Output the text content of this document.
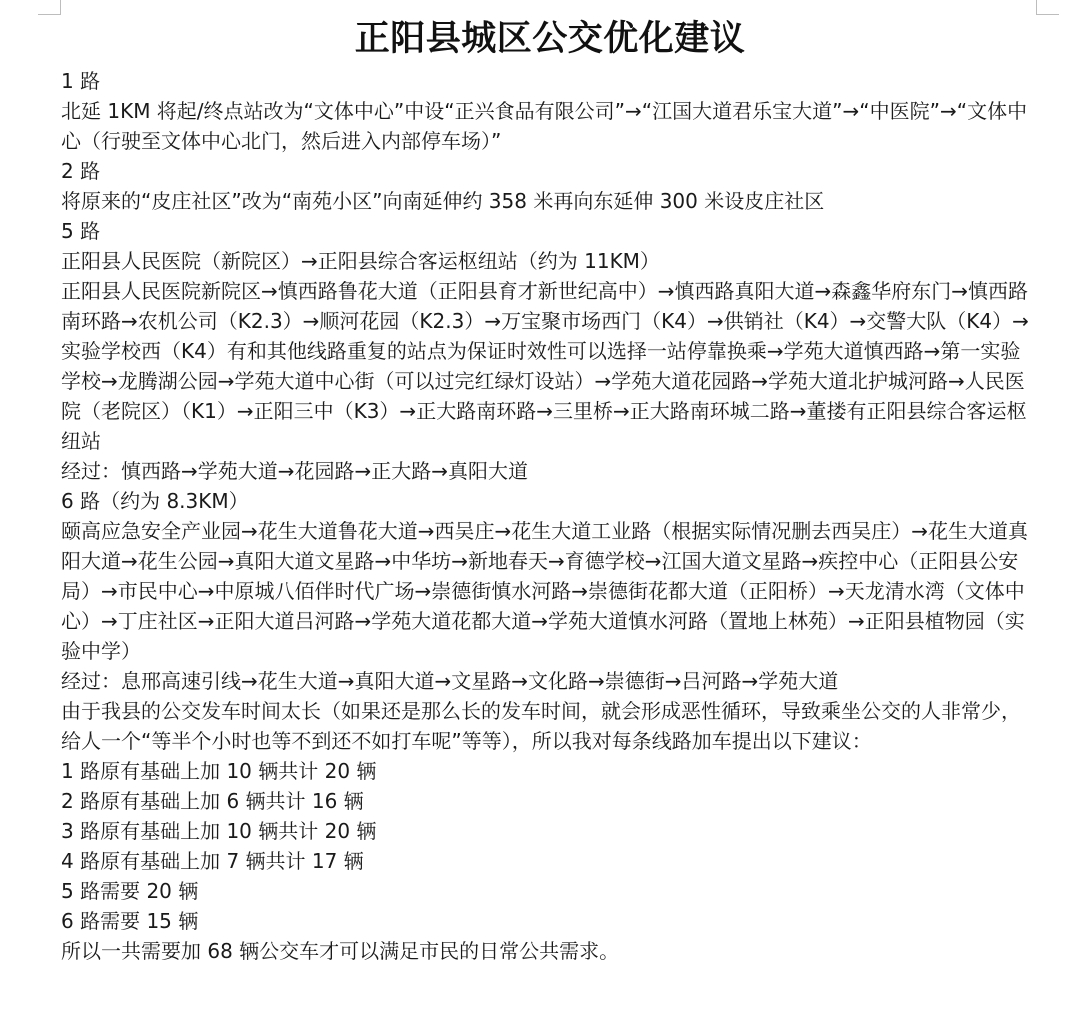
正阳县城区公交优化建议

1 路

北延 1KM 将起/终点站改为“文体中心”中设“正兴食品有限公司”→“江国大道君乐宝大道”→“中医院”→“文体中心（行驶至文体中心北门，然后进入内部停车场）”

2 路

将原来的“皮庄社区”改为“南苑小区”向南延伸约 358 米再向东延伸 300 米设皮庄社区

5 路

正阳县人民医院（新院区）→正阳县综合客运枢纽站（约为 11KM）

正阳县人民医院新院区→慎西路鲁花大道（正阳县育才新世纪高中）→慎西路真阳大道→森鑫华府东门→慎西路南环路→农机公司（K2.3）→顺河花园（K2.3）→万宝聚市场西门（K4）→供销社（K4）→交警大队（K4）→实验学校西（K4）有和其他线路重复的站点为保证时效性可以选择一站停靠换乘→学苑大道慎西路→第一实验学校→龙腾湖公园→学苑大道中心街（可以过完红绿灯设站）→学苑大道花园路→学苑大道北护城河路→人民医院（老院区）（K1）→正阳三中（K3）→正大路南环路→三里桥→正大路南环城二路→董搂有正阳县综合客运枢纽站

经过：慎西路→学苑大道→花园路→正大路→真阳大道

6 路（约为 8.3KM）

颐高应急安全产业园→花生大道鲁花大道→西吴庄→花生大道工业路（根据实际情况删去西吴庄）→花生大道真阳大道→花生公园→真阳大道文星路→中华坊→新地春天→育德学校→江国大道文星路→疾控中心（正阳县公安局）→市民中心→中原城八佰伴时代广场→崇德街慎水河路→崇德街花都大道（正阳桥）→天龙清水湾（文体中心）→丁庄社区→正阳大道吕河路→学苑大道花都大道→学苑大道慎水河路（置地上林苑）→正阳县植物园（实验中学）

经过：息邢高速引线→花生大道→真阳大道→文星路→文化路→崇德街→吕河路→学苑大道

由于我县的公交发车时间太长（如果还是那么长的发车时间，就会形成恶性循环，导致乘坐公交的人非常少，给人一个“等半个小时也等不到还不如打车呢”等等），所以我对每条线路加车提出以下建议：

1 路原有基础上加 10 辆共计 20 辆

2 路原有基础上加 6 辆共计 16 辆

3 路原有基础上加 10 辆共计 20 辆

4 路原有基础上加 7 辆共计 17 辆

5 路需要 20 辆

6 路需要 15 辆

所以一共需要加 68 辆公交车才可以满足市民的日常公共需求。
